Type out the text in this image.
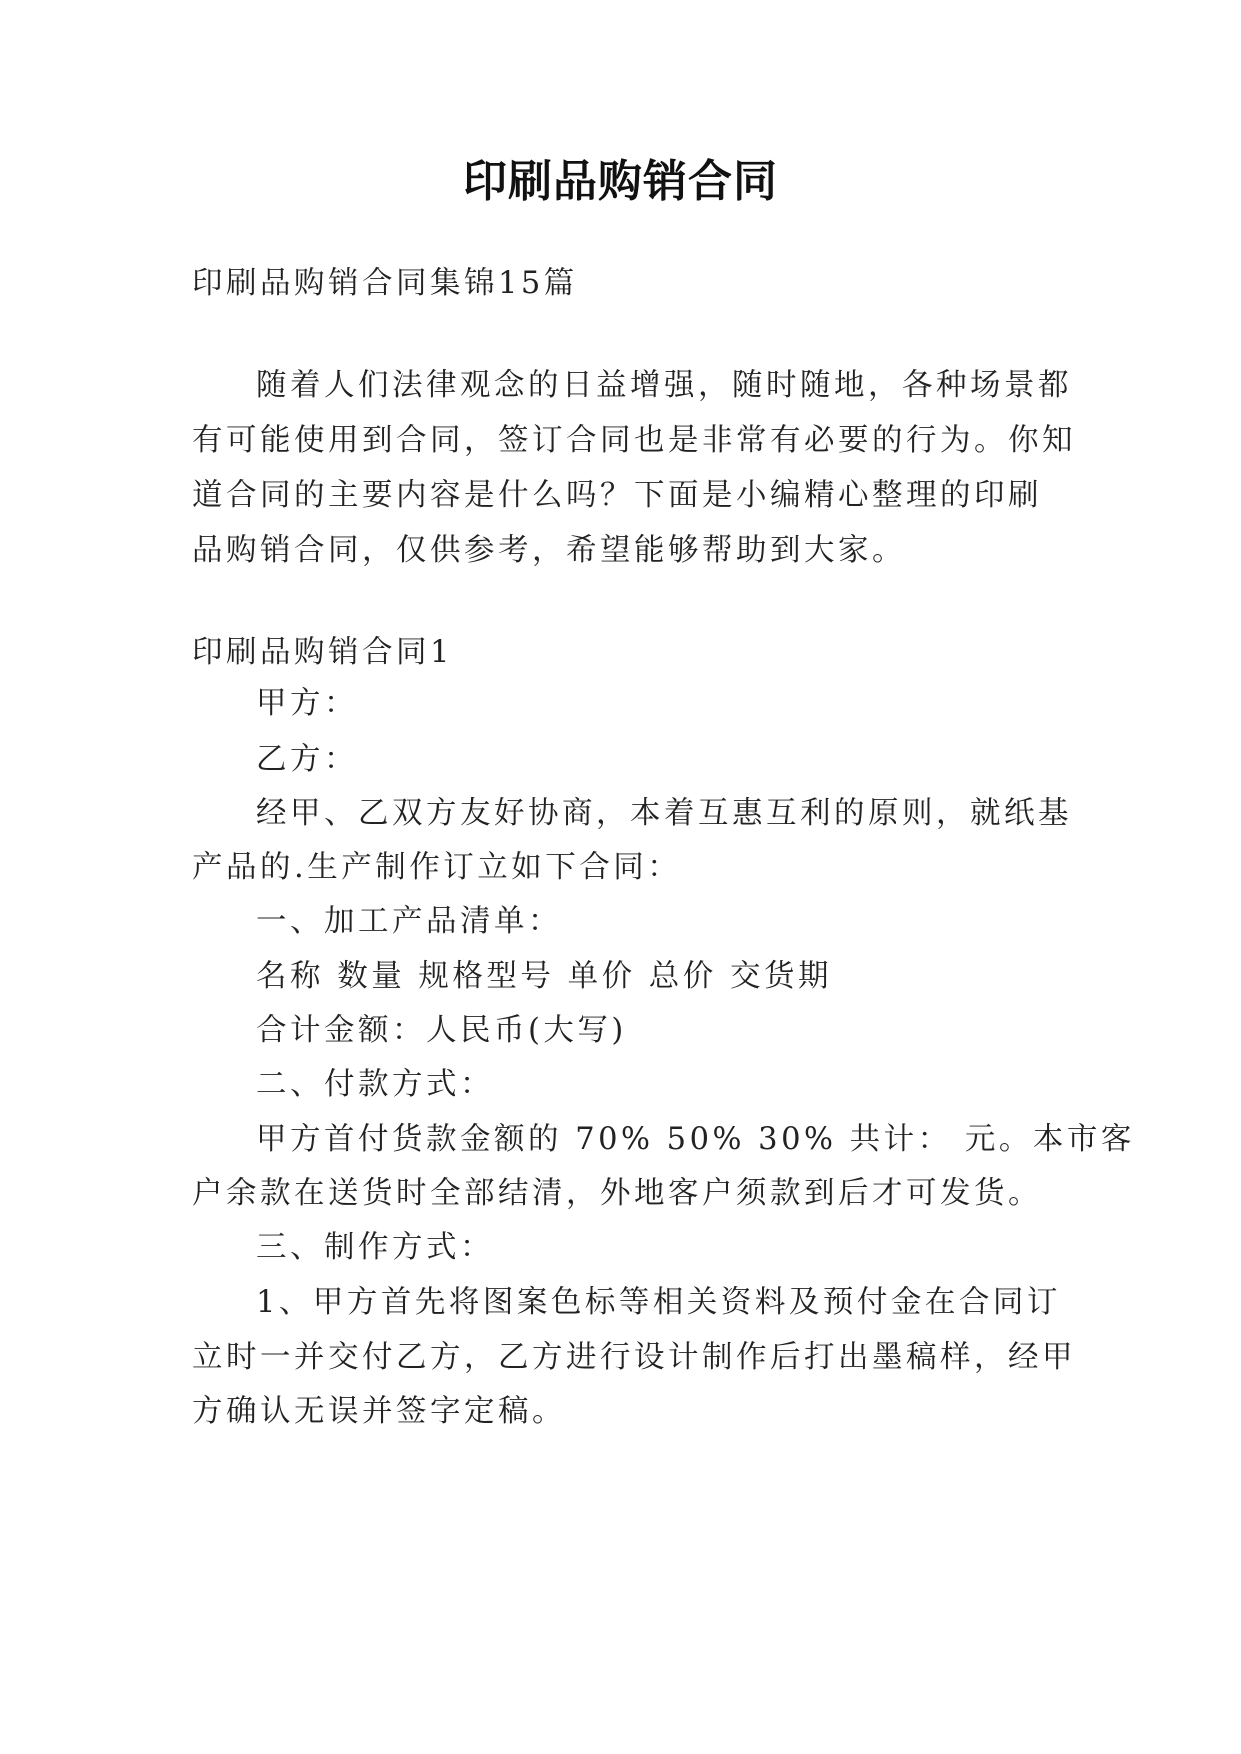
印刷品购销合同
印刷品购销合同集锦15篇
随着人们法律观念的日益增强，随时随地，各种场景都
有可能使用到合同，签订合同也是非常有必要的行为。你知
道合同的主要内容是什么吗？下面是小编精心整理的印刷
品购销合同，仅供参考，希望能够帮助到大家。
印刷品购销合同1
甲方：
乙方：
经甲、乙双方友好协商，本着互惠互利的原则，就纸基
产品的.生产制作订立如下合同：
一、加工产品清单：
名称 数量 规格型号 单价 总价 交货期
合计金额：人民币(大写)
二、付款方式：
甲方首付货款金额的 70% 50% 30% 共计： 元。本市客
户余款在送货时全部结清，外地客户须款到后才可发货。
三、制作方式：
1、甲方首先将图案色标等相关资料及预付金在合同订
立时一并交付乙方，乙方进行设计制作后打出墨稿样，经甲
方确认无误并签字定稿。
